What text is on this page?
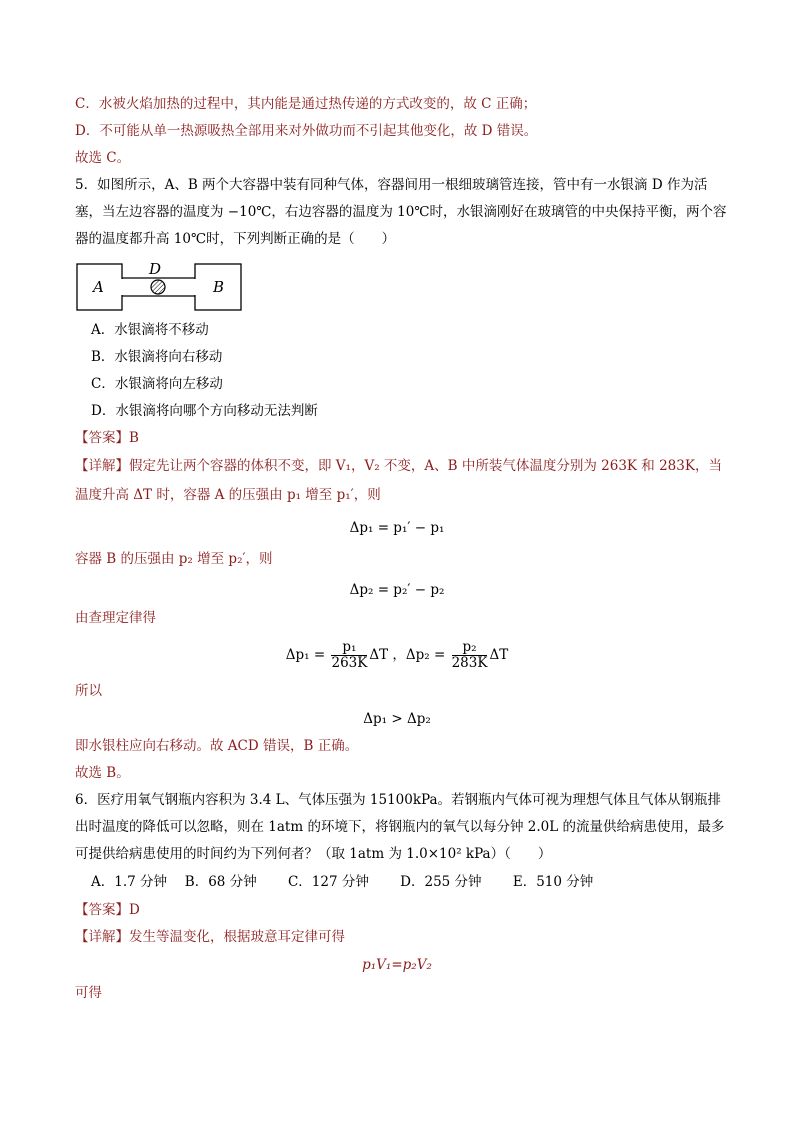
C．水被火焰加热的过程中，其内能是通过热传递的方式改变的，故 C 正确；
D．不可能从单一热源吸热全部用来对外做功而不引起其他变化，故 D 错误。
故选 C。
5．如图所示，A、B 两个大容器中装有同种气体，容器间用一根细玻璃管连接，管中有一水银滴 D 作为活
塞，当左边容器的温度为 −10℃，右边容器的温度为 10℃时，水银滴刚好在玻璃管的中央保持平衡，两个容
器的温度都升高 10℃时，下列判断正确的是（　　）
A	B
D
A．水银滴将不移动
B．水银滴将向右移动
C．水银滴将向左移动
D．水银滴将向哪个方向移动无法判断
【答案】B
【详解】假定先让两个容器的体积不变，即 V₁，V₂ 不变，A、B 中所装气体温度分别为 263K 和 283K，当
温度升高 ΔT 时，容器 A 的压强由 p₁ 增至 p₁′，则
Δp₁ = p₁′ − p₁
容器 B 的压强由 p₂ 增至 p₂′，则
Δp₂ = p₂′ − p₂
由查理定律得
$\Delta p_1 = \frac{\text{p₁}}{263K}$ ΔT ，$\Delta p_2 = \frac{\text{p₂}}{283K}$ ΔT
所以
Δp₁ > Δp₂
即水银柱应向右移动。故 ACD 错误，B 正确。
故选 B。
6．医疗用氧气钢瓶内容积为 3.4 L、气体压强为 15100kPa。若钢瓶内气体可视为理想气体且气体从钢瓶排
出时温度的降低可以忽略，则在 1atm 的环境下，将钢瓶内的氧气以每分钟 2.0L 的流量供给病患使用，最多
可提供给病患使用的时间约为下列何者？（取 1atm 为 1.0×10² kPa）（　　）
A．1.7 分钟　 B．68 分钟　　 C．127 分钟　　 D．255 分钟　　 E．510 分钟
【答案】D
【详解】发生等温变化，根据玻意耳定律可得
p₁V₁=p₂V₂
可得
